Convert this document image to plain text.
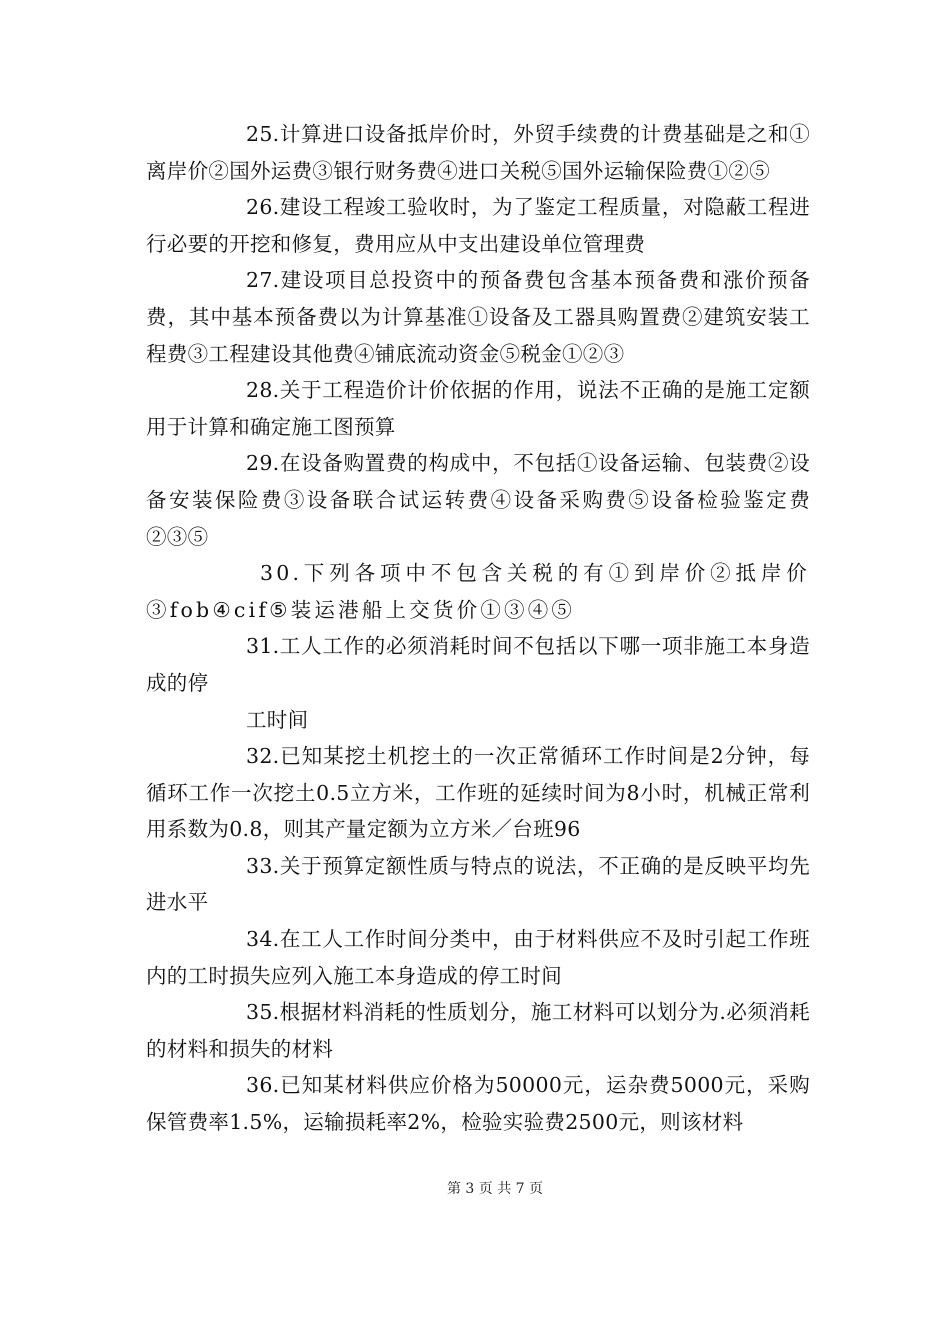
25.计算进口设备抵岸价时，外贸手续费的计费基础是之和①离岸价②国外运费③银行财务费④进口关税⑤国外运输保险费①②⑤

26.建设工程竣工验收时，为了鉴定工程质量，对隐蔽工程进行必要的开挖和修复，费用应从中支出建设单位管理费

27.建设项目总投资中的预备费包含基本预备费和涨价预备费，其中基本预备费以为计算基准①设备及工器具购置费②建筑安装工程费③工程建设其他费④铺底流动资金⑤税金①②③

28.关于工程造价计价依据的作用，说法不正确的是施工定额用于计算和确定施工图预算

29.在设备购置费的构成中，不包括①设备运输、包装费②设备安装保险费③设备联合试运转费④设备采购费⑤设备检验鉴定费②③⑤

30.下列各项中不包含关税的有①到岸价②抵岸价③fob④cif⑤装运港船上交货价①③④⑤

31.工人工作的必须消耗时间不包括以下哪一项非施工本身造成的停

工时间

32.已知某挖土机挖土的一次正常循环工作时间是2分钟，每循环工作一次挖土0.5立方米，工作班的延续时间为8小时，机械正常利用系数为0.8，则其产量定额为立方米／台班96

33.关于预算定额性质与特点的说法，不正确的是反映平均先进水平

34.在工人工作时间分类中，由于材料供应不及时引起工作班内的工时损失应列入施工本身造成的停工时间

35.根据材料消耗的性质划分，施工材料可以划分为.必须消耗的材料和损失的材料

36.已知某材料供应价格为50000元，运杂费5000元，采购保管费率1.5%，运输损耗率2%，检验实验费2500元，则该材料

第 3 页 共 7 页
